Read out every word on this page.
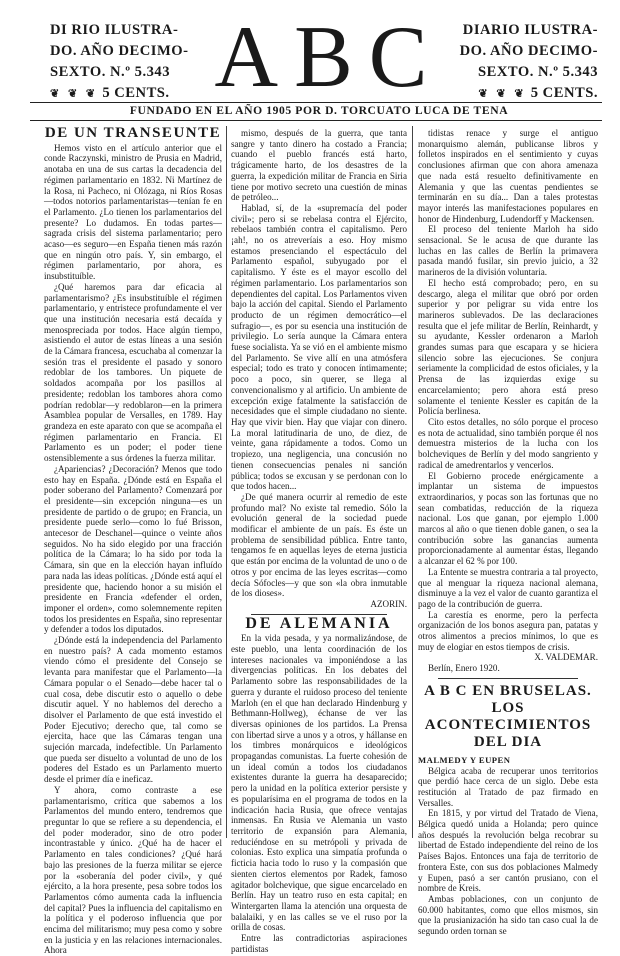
DI RIO ILUSTRA-
DO. AÑO DECIMO-
SEXTO. N.º 5.343
❦ ❦ ❦ 5 CENTS. ABC DIARIO ILUSTRA-
DO. AÑO DECIMO-
SEXTO. N.º 5.343
❦ ❦ ❦ 5 CENTS.
FUNDADO EN EL AÑO 1905 POR D. TORCUATO LUCA DE TENA
DE UN TRANSEUNTE

Hemos visto en el artículo anterior que el conde Raczynski, ministro de Prusia en Madrid, anotaba en una de sus cartas la decadencia del régimen parlamentario en 1832. Ni Martínez de la Rosa, ni Pacheco, ni Olózaga, ni Ríos Rosas—todos notorios parlamentaristas—tenían fe en el Parlamento. ¿Lo tienen los parlamentarios del presente? Lo dudamos. En todas partes—sagrada crisis del sistema parlamentario; pero acaso—es seguro—en España tienen más razón que en ningún otro país. Y, sin embargo, el régimen parlamentario, por ahora, es insubstituíble.

¿Qué haremos para dar eficacia al parlamentarismo? ¿Es insubstituíble el régimen parlamentario, y entristece profundamente el ver que una institución necesaria está decaída y menospreciada por todos. Hace algún tiempo, asistiendo el autor de estas líneas a una sesión de la Cámara francesa, escuchaba al comenzar la sesión tras el presidente el pasado y sonoro redoblar de los tambores. Un piquete de soldados acompaña por los pasillos al presidente; redoblan los tambores ahora como podrían redoblar—y redoblaron—en la primera Asamblea popular de Versalles, en 1789. Hay grandeza en este aparato con que se acompaña el régimen parlamentario en Francia. El Parlamento es un poder; el poder tiene ostensiblemente a sus órdenes la fuerza militar.

¿Apariencias? ¿Decoración? Menos que todo esto hay en España. ¿Dónde está en España el poder soberano del Parlamento? Comenzará por el presidente—sin excepción ninguna—es un presidente de partido o de grupo; en Francia, un presidente puede serlo—como lo fué Brisson, antecesor de Deschanel—quince o veinte años seguidos. No ha sido elegido por una fracción política de la Cámara; lo ha sido por toda la Cámara, sin que en la elección hayan influído para nada las ideas políticas. ¿Dónde está aquí el presidente que, haciendo honor a su misión el presidente en Francia «defender el orden, imponer el orden», como solemnemente repiten todos los presidentes en España, sino representar y defender a todos los diputados.

¿Dónde está la independencia del Parlamento en nuestro país? A cada momento estamos viendo cómo el presidente del Consejo se levanta para manifestar que el Parlamento—la Cámara popular o el Senado—debe hacer tal o cual cosa, debe discutir esto o aquello o debe discutir aquel. Y no hablemos del derecho a disolver el Parlamento de que está investido el Poder Ejecutivo; derecho que, tal como se ejercita, hace que las Cámaras tengan una sujeción marcada, indefectible. Un Parlamento que pueda ser disuelto a voluntad de uno de los poderes del Estado es un Parlamento muerto desde el primer día e ineficaz.

Y ahora, como contraste a ese parlamentarismo, crítica que sabemos a los Parlamentos del mundo entero, tendremos que preguntar lo que se refiere a su dependencia, el del poder moderador, sino de otro poder incontrastable y único. ¿Qué ha de hacer el Parlamento en tales condiciones? ¿Qué hará bajo las presiones de la fuerza militar se ejerce por la «soberanía del poder civil», y qué ejército, a la hora presente, pesa sobre todos los Parlamentos cómo aumenta cada la influencia del capital? Pues la influencia del capitalismo en la política y el poderoso influencia que por encima del militarismo; muy pesa como y sobre en la justicia y en las relaciones internacionales. Ahora

mismo, después de la guerra, que tanta sangre y tanto dinero ha costado a Francia; cuando el pueblo francés está harto, trágicamente harto, de los desastres de la guerra, la expedición militar de Francia en Siria tiene por motivo secreto una cuestión de minas de petróleo...

Hablad, sí, de la «supremacía del poder civil»; pero si se rebelasa contra el Ejército, rebelaos también contra el capitalismo. Pero ¡ah!, no os atreveríais a eso. Hoy mismo estamos presenciando el espectáculo del Parlamento español, subyugado por el capitalismo. Y éste es el mayor escollo del régimen parlamentario. Los parlamentarios son dependientes del capital. Los Parlamentos viven bajo la acción del capital. Siendo el Parlamento producto de un régimen democrático—el sufragio—, es por su esencia una institución de privilegio. Lo sería aunque la Cámara entera fuese socialista. Ya se vió en el ambiente mismo del Parlamento. Se vive allí en una atmósfera especial; todo es trato y conocen íntimamente; poco a poco, sin querer, se llega al convencionalismo y al artificio. Un ambiente de excepción exige fatalmente la satisfacción de necesidades que el simple ciudadano no siente. Hay que vivir bien. Hay que viajar con dinero. La moral latitudinaria de uno, de diez, de veinte, gana rápidamente a todos. Como un tropiezo, una negligencia, una concusión no tienen consecuencias penales ni sanción pública; todos se excusan y se perdonan con lo que todos hacen...

¿De qué manera ocurrir al remedio de este profundo mal? No existe tal remedio. Sólo la evolución general de la sociedad puede modificar el ambiente de un país. Es éste un problema de sensibilidad pública. Entre tanto, tengamos fe en aquellas leyes de eterna justicia que están por encima de la voluntad de uno o de otros y por encima de las leyes escritas—como decía Sófocles—y que son «la obra inmutable de los dioses».

AZORIN.

DE ALEMANIA

En la vida pesada, y ya normalizándose, de este pueblo, una lenta coordinación de los intereses nacionales va imponiéndose a las divergencias políticas. En los debates del Parlamento sobre las responsabilidades de la guerra y durante el ruidoso proceso del teniente Marloh (en el que han declarado Hindenburg y Bethmann-Hollweg), échanse de ver las diversas opiniones de los partidos. La Prensa con libertad sirve a unos y a otros, y hállanse en los timbres monárquicos e ideológicos propagandas comunistas. La fuerte cohesión de un ideal común a todos los ciudadanos existentes durante la guerra ha desaparecido; pero la unidad en la política exterior persiste y es popularísima en el programa de todos en la indicación hacia Rusia, que ofrece ventajas inmensas. En Rusia ve Alemania un vasto territorio de expansión para Alemania, reduciéndose en su metrópoli y privada de colonias. Esto explica una simpatía profunda o ficticia hacia todo lo ruso y la compasión que sienten ciertos elementos por Radek, famoso agitador bolchevique, que sigue encarcelado en Berlín. Hay un teatro ruso en esta capital; en Wintergarten llama la atención una orquesta de balalaiki, y en las calles se ve el ruso por la orilla de cosas.

Entre las contradictorias aspiraciones partidistas

tidistas renace y surge el antiguo monarquismo alemán, publicanse libros y folletos inspirados en el sentimiento y cuyas conclusiones afirman que con ahora amenaza que nada está resuelto definitivamente en Alemania y que las cuentas pendientes se terminarán en su día... Dan a tales protestas mayor interés las manifestaciones populares en honor de Hindenburg, Ludendorff y Mackensen.

El proceso del teniente Marloh ha sido sensacional. Se le acusa de que durante las luchas en las calles de Berlín la primavera pasada mandó fusilar, sin previo juicio, a 32 marineros de la división voluntaria.

El hecho está comprobado; pero, en su descargo, alega el militar que obró por orden superior y por peligrar su vida entre los marineros sublevados. De las declaraciones resulta que el jefe militar de Berlín, Reinhardt, y su ayudante, Kessler ordenaron a Marloh grandes sumas para que escapara y se hiciera silencio sobre las ejecuciones. Se conjura seriamente la complicidad de estos oficiales, y la Prensa de las izquierdas exige su encarcelamiento; pero ahora está preso solamente el teniente Kessler es capitán de la Policía berlinesa.

Cito estos detalles, no sólo porque el proceso es nota de actualidad, sino también porque él nos demuestra misterios de la lucha con los bolcheviques de Berlín y del modo sangriento y radical de amedrentarlos y vencerlos.

El Gobierno procede enérgicamente a implantar un sistema de impuestos extraordinarios, y pocas son las fortunas que no sean combatidas, reducción de la riqueza nacional. Los que ganan, por ejemplo 1.000 marcos al año o que tienen doble ganen, o sea la contribución sobre las ganancias aumenta proporcionadamente al aumentar éstas, llegando a alcanzar el 62 % por 100.

La Entente se muestra contraria a tal proyecto, que al menguar la riqueza nacional alemana, disminuye a la vez el valor de cuanto garantiza el pago de la contribución de guerra.

La carestía es enorme, pero la perfecta organización de los bonos asegura pan, patatas y otros alimentos a precios mínimos, lo que es muy de elogiar en estos tiempos de crisis.

X. VALDEMAR.

Berlín, Enero 1920.

A B C EN BRUSELAS. LOS ACONTECIMIENTOS DEL DIA

MALMEDY Y EUPEN

Bélgica acaba de recuperar unos territorios que perdió hace cerca de un siglo. Debe esta restitución al Tratado de paz firmado en Versalles.

En 1815, y por virtud del Tratado de Viena, Bélgica quedó unida a Holanda; pero quince años después la revolución belga recobrar su libertad de Estado independiente del reino de los Países Bajos. Entonces una faja de territorio de frontera Este, con sus dos poblaciones Malmedy y Eupen, pasó a ser cantón prusiano, con el nombre de Kreis.

Ambas poblaciones, con un conjunto de 60.000 habitantes, como que ellos mismos, sin que la prusianización ha sido tan caso cual la de segundo orden tornan se
